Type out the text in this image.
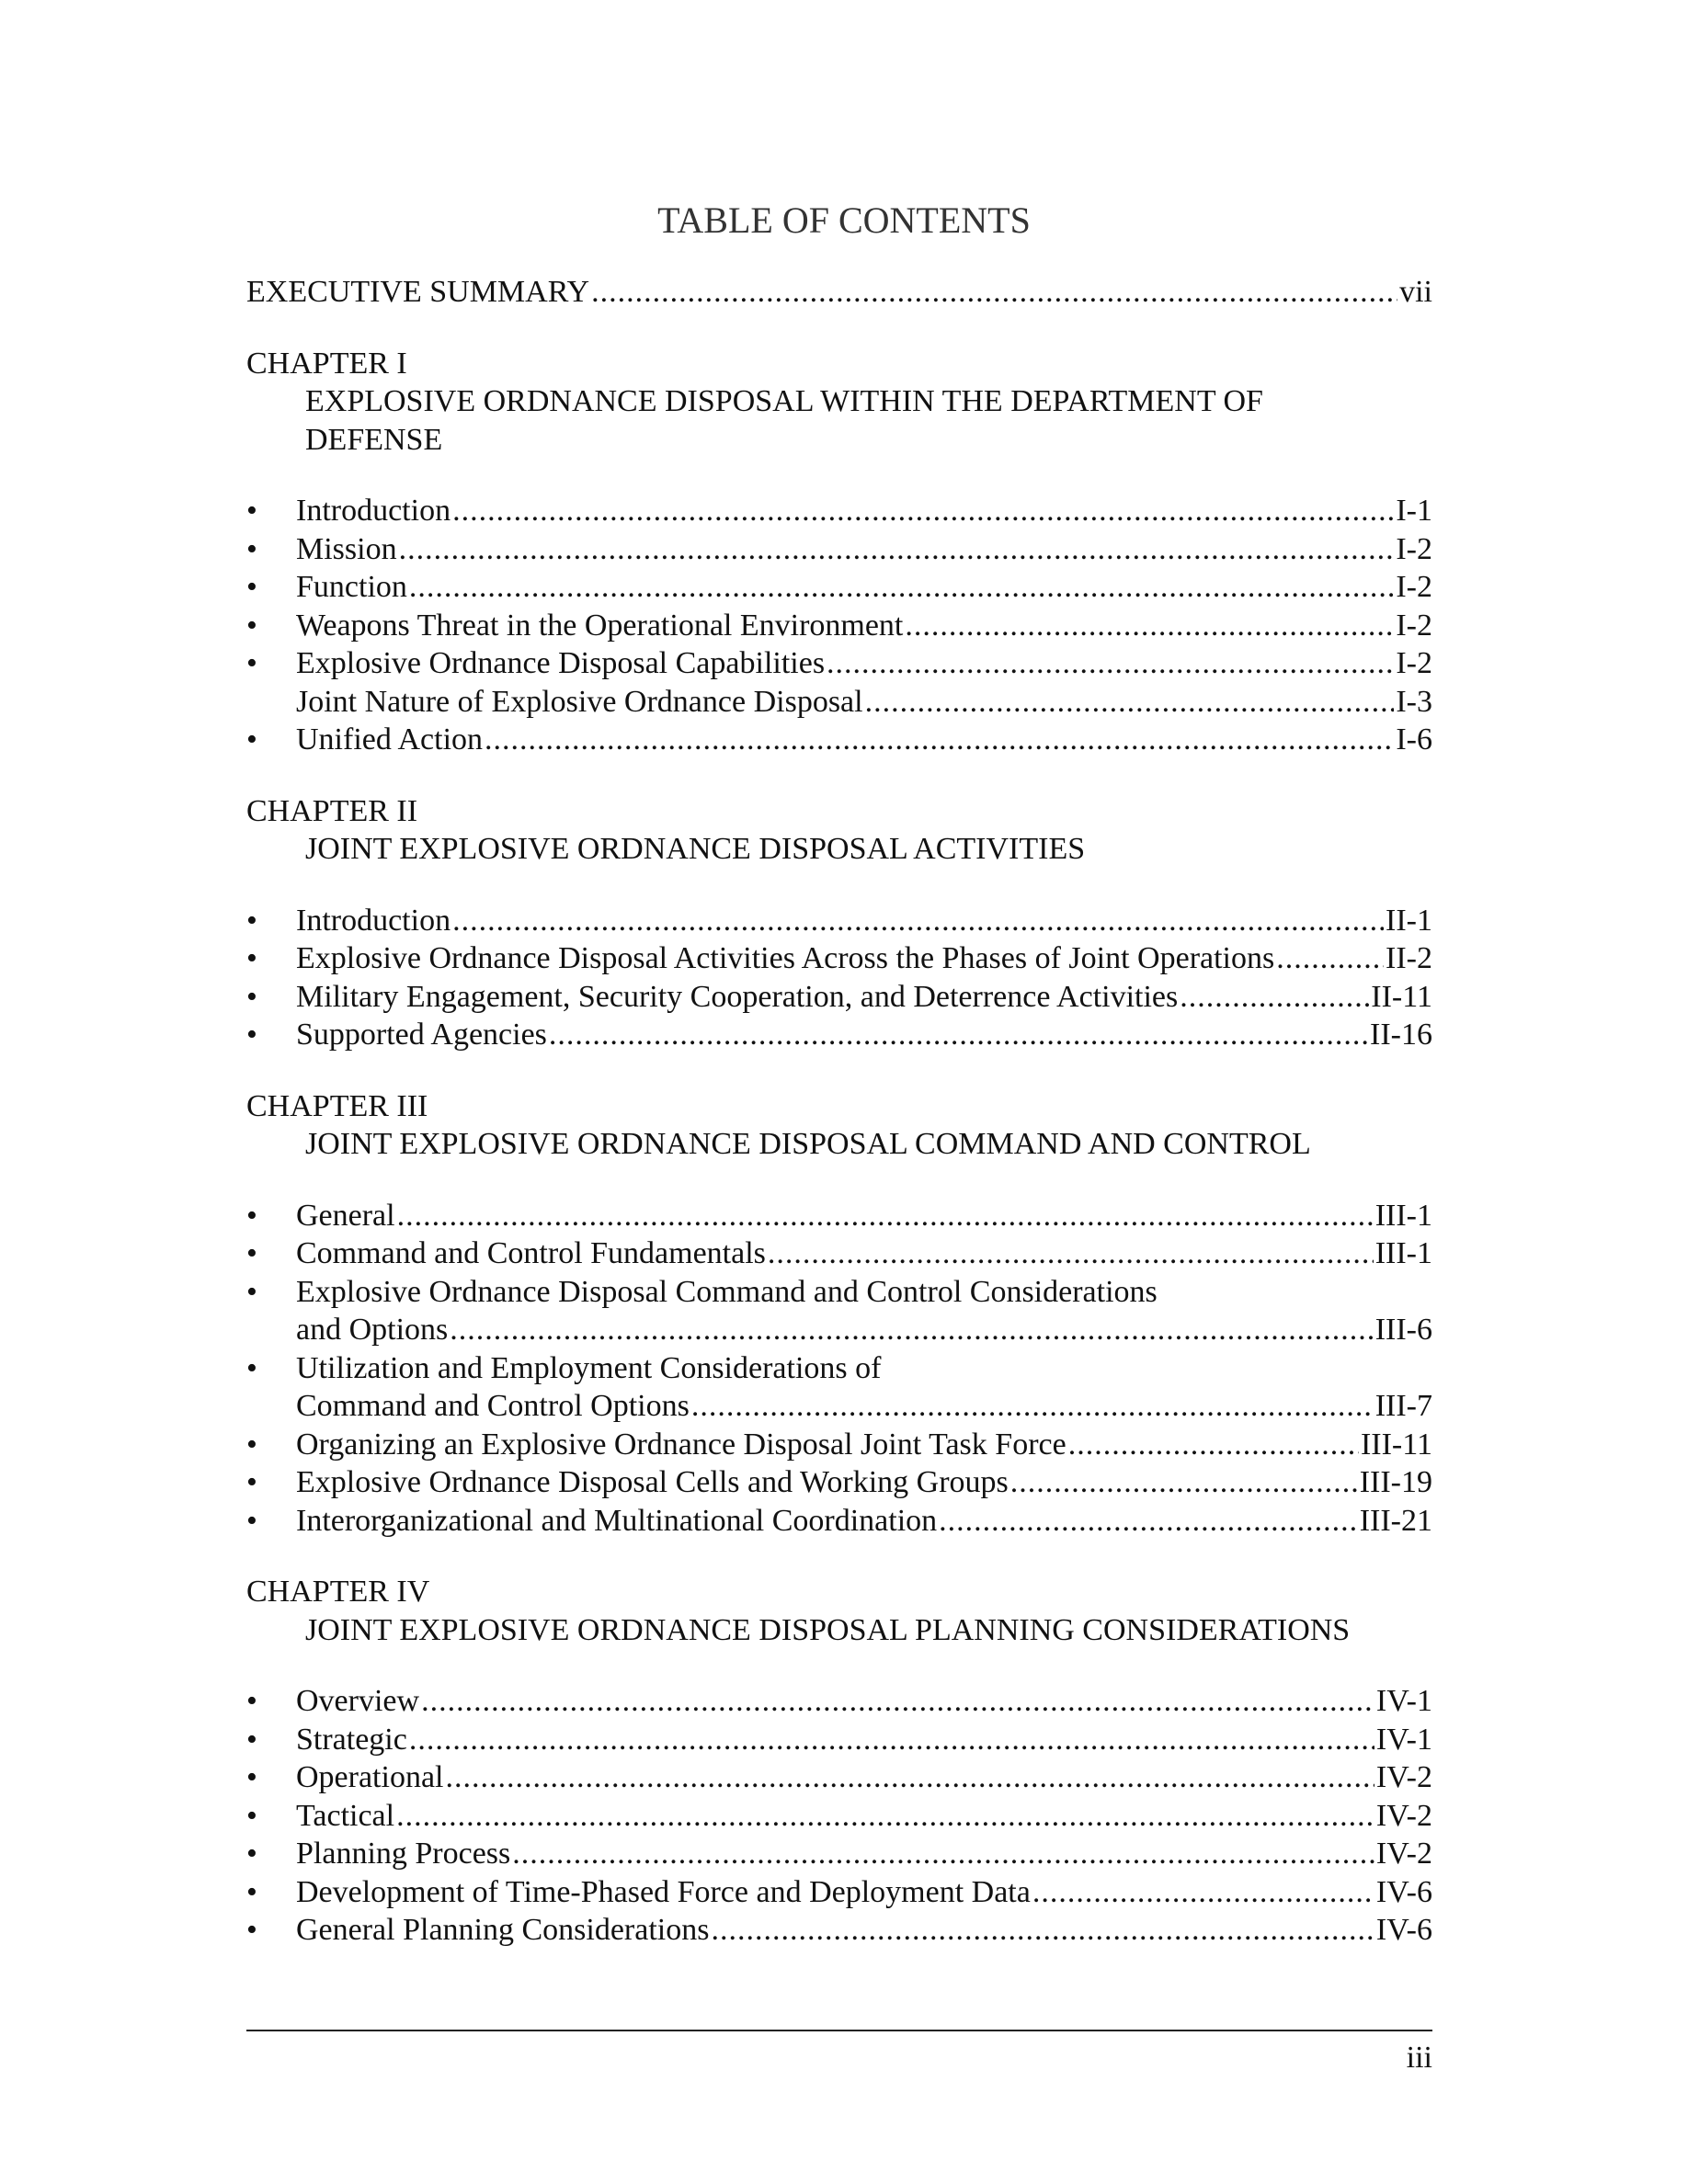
TABLE OF CONTENTS
EXECUTIVE SUMMARY .....	vii
CHAPTER I
EXPLOSIVE ORDNANCE DISPOSAL WITHIN THE DEPARTMENT OF
DEFENSE
•	Introduction .....	I-1
•	Mission .....	I-2
•	Function .....	I-2
•	Weapons Threat in the Operational Environment .....	I-2
•	Explosive Ordnance Disposal Capabilities .....	I-2
Joint Nature of Explosive Ordnance Disposal .....	I-3
•	Unified Action .....	I-6
CHAPTER II
JOINT EXPLOSIVE ORDNANCE DISPOSAL ACTIVITIES
•	Introduction .....	II-1
•	Explosive Ordnance Disposal Activities Across the Phases of Joint Operations .....	II-2
•	Military Engagement, Security Cooperation, and Deterrence Activities .....	II-11
•	Supported Agencies .....	II-16
CHAPTER III
JOINT EXPLOSIVE ORDNANCE DISPOSAL COMMAND AND CONTROL
•	General .....	III-1
•	Command and Control Fundamentals .....	III-1
•	Explosive Ordnance Disposal Command and Control Considerations
and Options .....	III-6
•	Utilization and Employment Considerations of
Command and Control Options .....	III-7
•	Organizing an Explosive Ordnance Disposal Joint Task Force .....	III-11
•	Explosive Ordnance Disposal Cells and Working Groups .....	III-19
•	Interorganizational and Multinational Coordination .....	III-21
CHAPTER IV
JOINT EXPLOSIVE ORDNANCE DISPOSAL PLANNING CONSIDERATIONS
•	Overview .....	IV-1
•	Strategic .....	IV-1
•	Operational .....	IV-2
•	Tactical .....	IV-2
•	Planning Process .....	IV-2
•	Development of Time-Phased Force and Deployment Data .....	IV-6
•	General Planning Considerations .....	IV-6
iii
